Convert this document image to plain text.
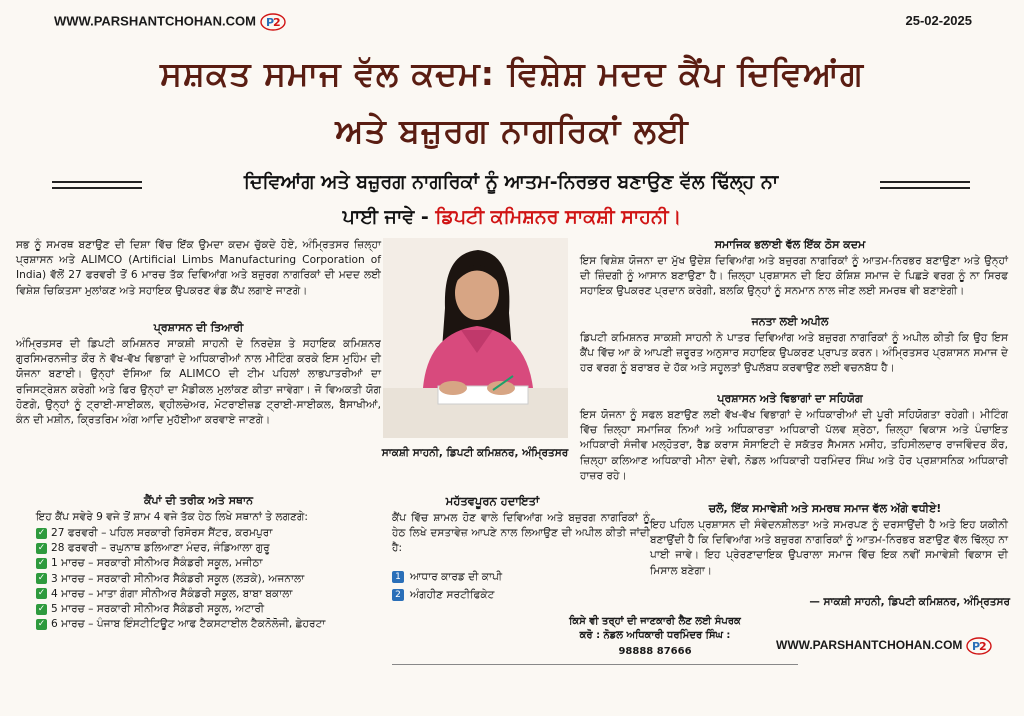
WWW.PARSHANTCHOHAN.COM P
2	25-02-2025
ਸਸ਼ਕਤ ਸਮਾਜ ਵੱਲ ਕਦਮ: ਵਿਸ਼ੇਸ਼ ਮਦਦ ਕੈਂਪ ਦਿਵਿਆਂਗ
ਅਤੇ ਬਜ਼ੁਰਗ ਨਾਗਰਿਕਾਂ ਲਈ
ਦਿਵਿਆਂਗ ਅਤੇ ਬਜ਼ੁਰਗ ਨਾਗਰਿਕਾਂ ਨੂੰ ਆਤਮ-ਨਿਰਭਰ ਬਣਾਉਣ ਵੱਲ ਢਿੱਲ੍ਹ ਨਾ
ਪਾਈ ਜਾਵੇ - ਡਿਪਟੀ ਕਮਿਸ਼ਨਰ ਸਾਕਸ਼ੀ ਸਾਹਨੀ।
ਸਭ ਨੂੰ ਸਮਰਥ ਬਣਾਉਣ ਦੀ ਦਿਸ਼ਾ ਵਿੱਚ ਇੱਕ ਉਮਦਾ ਕਦਮ ਚੁੱਕਦੇ ਹੋਏ, ਅੰਮ੍ਰਿਤਸਰ ਜ਼ਿਲ੍ਹਾ ਪ੍ਰਸ਼ਾਸਨ ਅਤੇ ALIMCO (Artificial Limbs Manufacturing Corporation of India) ਵੱਲੋਂ 27 ਫਰਵਰੀ ਤੋਂ 6 ਮਾਰਚ ਤੱਕ ਦਿਵਿਆਂਗ ਅਤੇ ਬਜ਼ੁਰਗ ਨਾਗਰਿਕਾਂ ਦੀ ਮਦਦ ਲਈ ਵਿਸ਼ੇਸ਼ ਚਿਕਿਤਸਾ ਮੁਲਾਂਕਣ ਅਤੇ ਸਹਾਇਕ ਉਪਕਰਣ ਵੰਡ ਕੈਂਪ ਲਗਾਏ ਜਾਣਗੇ।
ਪ੍ਰਸ਼ਾਸਨ ਦੀ ਤਿਆਰੀ
ਅੰਮ੍ਰਿਤਸਰ ਦੀ ਡਿਪਟੀ ਕਮਿਸ਼ਨਰ ਸਾਕਸ਼ੀ ਸਾਹਨੀ ਦੇ ਨਿਰਦੇਸ਼ ਤੇ ਸਹਾਇਕ ਕਮਿਸ਼ਨਰ ਗੁਰਸਿਮਰਨਜੀਤ ਕੌਰ ਨੇ ਵੱਖ-ਵੱਖ ਵਿਭਾਗਾਂ ਦੇ ਅਧਿਕਾਰੀਆਂ ਨਾਲ ਮੀਟਿੰਗ ਕਰਕੇ ਇਸ ਮੁਹਿੰਮ ਦੀ ਯੋਜਨਾ ਬਣਾਈ। ਉਨ੍ਹਾਂ ਦੱਸਿਆ ਕਿ ALIMCO ਦੀ ਟੀਮ ਪਹਿਲਾਂ ਲਾਭਪਾਤਰੀਆਂ ਦਾ ਰਜਿਸਟ੍ਰੇਸ਼ਨ ਕਰੇਗੀ ਅਤੇ ਫਿਰ ਉਨ੍ਹਾਂ ਦਾ ਮੈਡੀਕਲ ਮੁਲਾਂਕਣ ਕੀਤਾ ਜਾਵੇਗਾ। ਜੋ ਵਿਅਕਤੀ ਯੋਗ ਹੋਣਗੇ, ਉਨ੍ਹਾਂ ਨੂੰ ਟ੍ਰਾਈ-ਸਾਈਕਲ, ਵ੍ਹੀਲਚੇਅਰ, ਮੋਟਰਾਈਜ਼ਡ ਟ੍ਰਾਈ-ਸਾਈਕਲ, ਬੈਸਾਖੀਆਂ, ਕੰਨ ਦੀ ਮਸ਼ੀਨ, ਕ੍ਰਿਤਰਿਮ ਅੰਗ ਆਦਿ ਮੁਹੱਈਆ ਕਰਵਾਏ ਜਾਣਗੇ।
ਕੈਂਪਾਂ ਦੀ ਤਰੀਕ ਅਤੇ ਸਥਾਨ
ਇਹ ਕੈਂਪ ਸਵੇਰੇ 9 ਵਜੇ ਤੋਂ ਸ਼ਾਮ 4 ਵਜੇ ਤੱਕ ਹੇਠ ਲਿਖੇ ਸਥਾਨਾਂ ਤੇ ਲਗਣਗੇ:
✓ 27 ਫਰਵਰੀ – ਪਹਿਲ ਸਰਕਾਰੀ ਰਿਸੋਰਸ ਸੈਂਟਰ, ਕਰਮਪੁਰਾ
✓ 28 ਫਰਵਰੀ – ਰਘੁਨਾਥ ਡਲਿਆਣਾ ਮੰਦਰ, ਜੰਡਿਆਲਾ ਗੁਰੂ
✓ 1 ਮਾਰਚ – ਸਰਕਾਰੀ ਸੀਨੀਅਰ ਸੈਕੰਡਰੀ ਸਕੂਲ, ਮਜੀਠਾ
✓ 3 ਮਾਰਚ – ਸਰਕਾਰੀ ਸੀਨੀਅਰ ਸੈਕੰਡਰੀ ਸਕੂਲ (ਲੜਕੇ), ਅਜਨਾਲਾ
✓ 4 ਮਾਰਚ – ਮਾਤਾ ਗੰਗਾ ਸੀਨੀਅਰ ਸੈਕੰਡਰੀ ਸਕੂਲ, ਬਾਬਾ ਬਕਾਲਾ
✓ 5 ਮਾਰਚ – ਸਰਕਾਰੀ ਸੀਨੀਅਰ ਸੈਕੰਡਰੀ ਸਕੂਲ, ਅਟਾਰੀ
✓ 6 ਮਾਰਚ – ਪੰਜਾਬ ਇੰਸਟੀਟਿਊਟ ਆਫ ਟੈਕਸਟਾਈਲ ਟੈਕਨੋਲੋਜੀ, ਛੇਹਰਟਾ
ਸਾਕਸ਼ੀ ਸਾਹਨੀ, ਡਿਪਟੀ ਕਮਿਸ਼ਨਰ, ਅੰਮ੍ਰਿਤਸਰ
ਮਹੱਤਵਪੂਰਨ ਹਦਾਇਤਾਂ
ਕੈਂਪ ਵਿੱਚ ਸ਼ਾਮਲ ਹੋਣ ਵਾਲੇ ਦਿਵਿਆਂਗ ਅਤੇ ਬਜ਼ੁਰਗ ਨਾਗਰਿਕਾਂ ਨੂੰ ਹੇਠ ਲਿਖੇ ਦਸਤਾਵੇਜ਼ ਆਪਣੇ ਨਾਲ ਲਿਆਉਣ ਦੀ ਅਪੀਲ ਕੀਤੀ ਜਾਂਦੀ ਹੈ:
1 ਆਧਾਰ ਕਾਰਡ ਦੀ ਕਾਪੀ
2 ਅੰਗਹੀਣ ਸਰਟੀਫਿਕੇਟ
ਕਿਸੇ ਵੀ ਤਰ੍ਹਾਂ ਦੀ ਜਾਣਕਾਰੀ ਲੈਣ ਲਈ ਸੰਪਰਕ
ਕਰੋ : ਨੋਡਲ ਅਧਿਕਾਰੀ ਧਰਮਿੰਦਰ ਸਿੰਘ :
98888 87666
ਸਮਾਜਿਕ ਭਲਾਈ ਵੱਲ ਇੱਕ ਠੋਸ ਕਦਮ
ਇਸ ਵਿਸ਼ੇਸ਼ ਯੋਜਨਾ ਦਾ ਮੁੱਖ ਉਦੇਸ਼ ਦਿਵਿਆਂਗ ਅਤੇ ਬਜ਼ੁਰਗ ਨਾਗਰਿਕਾਂ ਨੂੰ ਆਤਮ-ਨਿਰਭਰ ਬਣਾਉਣਾ ਅਤੇ ਉਨ੍ਹਾਂ ਦੀ ਜ਼ਿੰਦਗੀ ਨੂੰ ਆਸਾਨ ਬਣਾਉਣਾ ਹੈ। ਜ਼ਿਲ੍ਹਾ ਪ੍ਰਸ਼ਾਸਨ ਦੀ ਇਹ ਕੋਸ਼ਿਸ਼ ਸਮਾਜ ਦੇ ਪਿਛੜੇ ਵਰਗ ਨੂੰ ਨਾ ਸਿਰਫ ਸਹਾਇਕ ਉਪਕਰਣ ਪ੍ਰਦਾਨ ਕਰੇਗੀ, ਬਲਕਿ ਉਨ੍ਹਾਂ ਨੂੰ ਸਨਮਾਨ ਨਾਲ ਜੀਣ ਲਈ ਸਮਰਥ ਵੀ ਬਣਾਏਗੀ।
ਜਨਤਾ ਲਈ ਅਪੀਲ
ਡਿਪਟੀ ਕਮਿਸ਼ਨਰ ਸਾਕਸ਼ੀ ਸਾਹਨੀ ਨੇ ਪਾਤਰ ਦਿਵਿਆਂਗ ਅਤੇ ਬਜ਼ੁਰਗ ਨਾਗਰਿਕਾਂ ਨੂੰ ਅਪੀਲ ਕੀਤੀ ਕਿ ਉਹ ਇਸ ਕੈਂਪ ਵਿੱਚ ਆ ਕੇ ਆਪਣੀ ਜ਼ਰੂਰਤ ਅਨੁਸਾਰ ਸਹਾਇਕ ਉਪਕਰਣ ਪ੍ਰਾਪਤ ਕਰਨ। ਅੰਮ੍ਰਿਤਸਰ ਪ੍ਰਸ਼ਾਸਨ ਸਮਾਜ ਦੇ ਹਰ ਵਰਗ ਨੂੰ ਬਰਾਬਰ ਦੇ ਹੱਕ ਅਤੇ ਸਹੂਲਤਾਂ ਉਪਲੱਬਧ ਕਰਵਾਉਣ ਲਈ ਵਚਨਬੱਧ ਹੈ।
ਪ੍ਰਸ਼ਾਸਨ ਅਤੇ ਵਿਭਾਗਾਂ ਦਾ ਸਹਿਯੋਗ
ਇਸ ਯੋਜਨਾ ਨੂੰ ਸਫਲ ਬਣਾਉਣ ਲਈ ਵੱਖ-ਵੱਖ ਵਿਭਾਗਾਂ ਦੇ ਅਧਿਕਾਰੀਆਂ ਦੀ ਪੂਰੀ ਸਹਿਯੋਗਤਾ ਰਹੇਗੀ। ਮੀਟਿੰਗ ਵਿੱਚ ਜ਼ਿਲ੍ਹਾ ਸਮਾਜਿਕ ਨਿਆਂ ਅਤੇ ਅਧਿਕਾਰਤਾ ਅਧਿਕਾਰੀ ਪੱਲਵ ਸ਼੍ਰੇਠਾ, ਜ਼ਿਲ੍ਹਾ ਵਿਕਾਸ ਅਤੇ ਪੰਚਾਇਤ ਅਧਿਕਾਰੀ ਸੰਜੀਵ ਮਲ੍ਹੋਤਰਾ, ਰੈਡ ਕਰਾਸ ਸੋਸਾਇਟੀ ਦੇ ਸਕੱਤਰ ਸੈਮਸਨ ਮਸੀਹ, ਤਹਿਸੀਲਦਾਰ ਰਾਜਵਿੰਦਰ ਕੌਰ, ਜ਼ਿਲ੍ਹਾ ਕਲਿਆਣ ਅਧਿਕਾਰੀ ਮੀਨਾ ਦੇਵੀ, ਨੋਡਲ ਅਧਿਕਾਰੀ ਧਰਮਿੰਦਰ ਸਿੰਘ ਅਤੇ ਹੋਰ ਪ੍ਰਸ਼ਾਸਨਿਕ ਅਧਿਕਾਰੀ ਹਾਜ਼ਰ ਰਹੇ।
ਚਲੋ, ਇੱਕ ਸਮਾਵੇਸ਼ੀ ਅਤੇ ਸਮਰਥ ਸਮਾਜ ਵੱਲ ਅੱਗੇ ਵਧੀਏ!
ਇਹ ਪਹਿਲ ਪ੍ਰਸ਼ਾਸਨ ਦੀ ਸੰਵੇਦਨਸ਼ੀਲਤਾ ਅਤੇ ਸਮਰਪਣ ਨੂੰ ਦਰਸਾਉਂਦੀ ਹੈ ਅਤੇ ਇਹ ਯਕੀਨੀ ਬਣਾਉਂਦੀ ਹੈ ਕਿ ਦਿਵਿਆਂਗ ਅਤੇ ਬਜ਼ੁਰਗ ਨਾਗਰਿਕਾਂ ਨੂੰ ਆਤਮ-ਨਿਰਭਰ ਬਣਾਉਣ ਵੱਲ ਢਿੱਲ੍ਹ ਨਾ ਪਾਈ ਜਾਵੇ। ਇਹ ਪ੍ਰੇਰਣਾਦਾਇਕ ਉਪਰਾਲਾ ਸਮਾਜ ਵਿੱਚ ਇਕ ਨਵੀਂ ਸਮਾਵੇਸ਼ੀ ਵਿਕਾਸ ਦੀ ਮਿਸਾਲ ਬਣੇਗਾ।
— ਸਾਕਸ਼ੀ ਸਾਹਨੀ, ਡਿਪਟੀ ਕਮਿਸ਼ਨਰ, ਅੰਮ੍ਰਿਤਸਰ
WWW.PARSHANTCHOHAN.COM P
2
